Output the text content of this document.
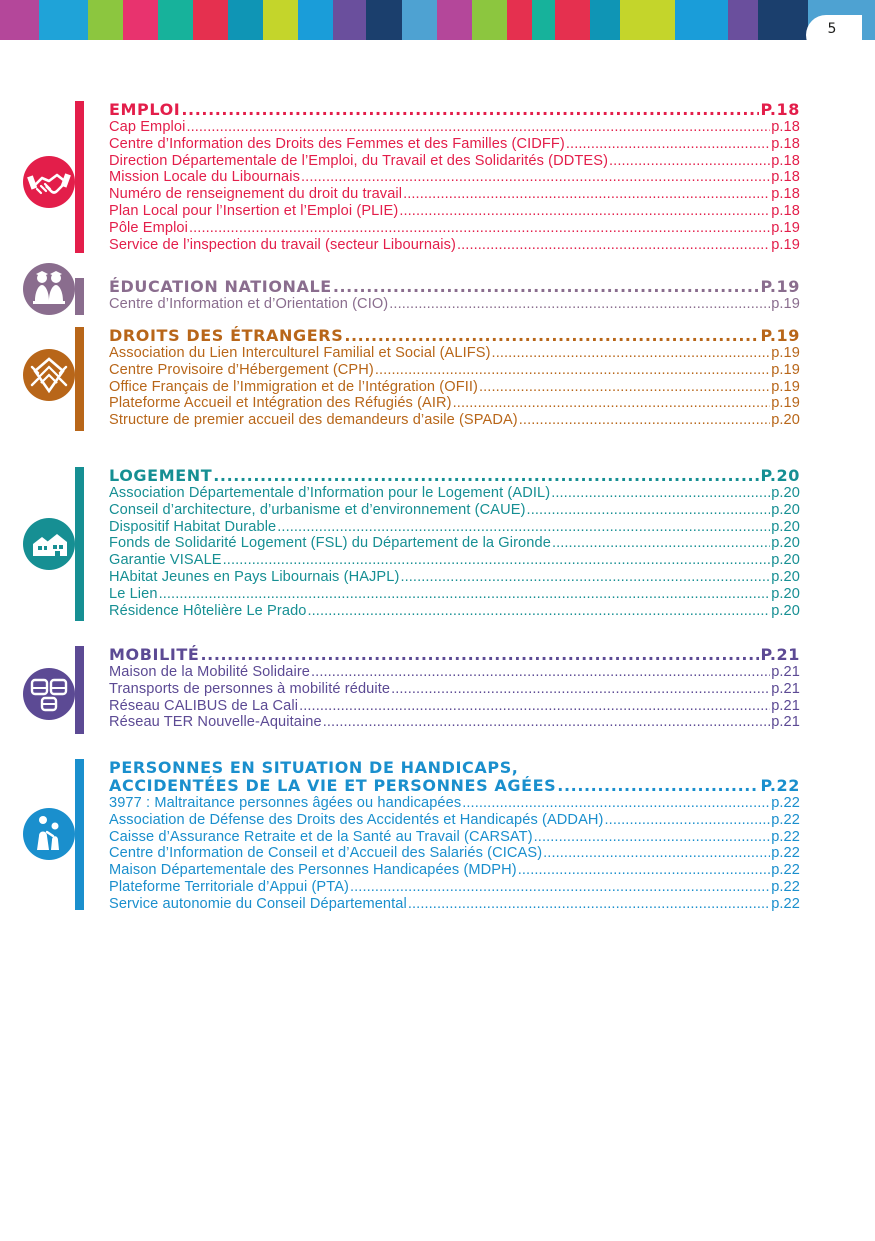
5
EMPLOI .....	P.18
Cap Emploi .....	p.18
Centre d’Information des Droits des Femmes et des Familles (CIDFF) .....	p.18
Direction Départementale de l’Emploi, du Travail et des Solidarités (DDTES) .....	p.18
Mission Locale du Libournais .....	p.18
Numéro de renseignement du droit du travail .....	p.18
Plan Local pour l’Insertion et l’Emploi (PLIE) .....	p.18
Pôle Emploi .....	p.19
Service de l’inspection du travail (secteur Libournais) .....	p.19
ÉDUCATION NATIONALE .....	P.19
Centre d’Information et d’Orientation (CIO) .....	p.19
DROITS DES ÉTRANGERS .....	P.19
Association du Lien Interculturel Familial et Social (ALIFS) .....	p.19
Centre Provisoire d’Hébergement (CPH) .....	p.19
Office Français de l’Immigration et de l’Intégration (OFII) .....	p.19
Plateforme Accueil et Intégration des Réfugiés (AIR) .....	p.19
Structure de premier accueil des demandeurs d’asile (SPADA) .....	p.20
LOGEMENT .....	P.20
Association Départementale d’Information pour le Logement (ADIL) .....	p.20
Conseil d’architecture, d’urbanisme et d’environnement (CAUE) .....	p.20
Dispositif Habitat Durable .....	p.20
Fonds de Solidarité Logement (FSL) du Département de la Gironde .....	p.20
Garantie VISALE .....	p.20
HAbitat Jeunes en Pays Libournais (HAJPL) .....	p.20
Le Lien .....	p.20
Résidence Hôtelière Le Prado .....	p.20
MOBILITÉ .....	P.21
Maison de la Mobilité Solidaire .....	p.21
Transports de personnes à mobilité réduite .....	p.21
Réseau CALIBUS de La Cali .....	p.21
Réseau TER Nouvelle-Aquitaine .....	p.21
PERSONNES EN SITUATION DE HANDICAPS,
ACCIDENTÉES DE LA VIE ET PERSONNES AGÉES .....	P.22
3977 : Maltraitance personnes âgées ou handicapées .....	p.22
Association de Défense des Droits des Accidentés et Handicapés (ADDAH) .....	p.22
Caisse d’Assurance Retraite et de la Santé au Travail (CARSAT) .....	p.22
Centre d’Information de Conseil et d’Accueil des Salariés (CICAS) .....	p.22
Maison Départementale des Personnes Handicapées (MDPH) .....	p.22
Plateforme Territoriale d’Appui (PTA) .....	p.22
Service autonomie du Conseil Départemental .....	p.22
